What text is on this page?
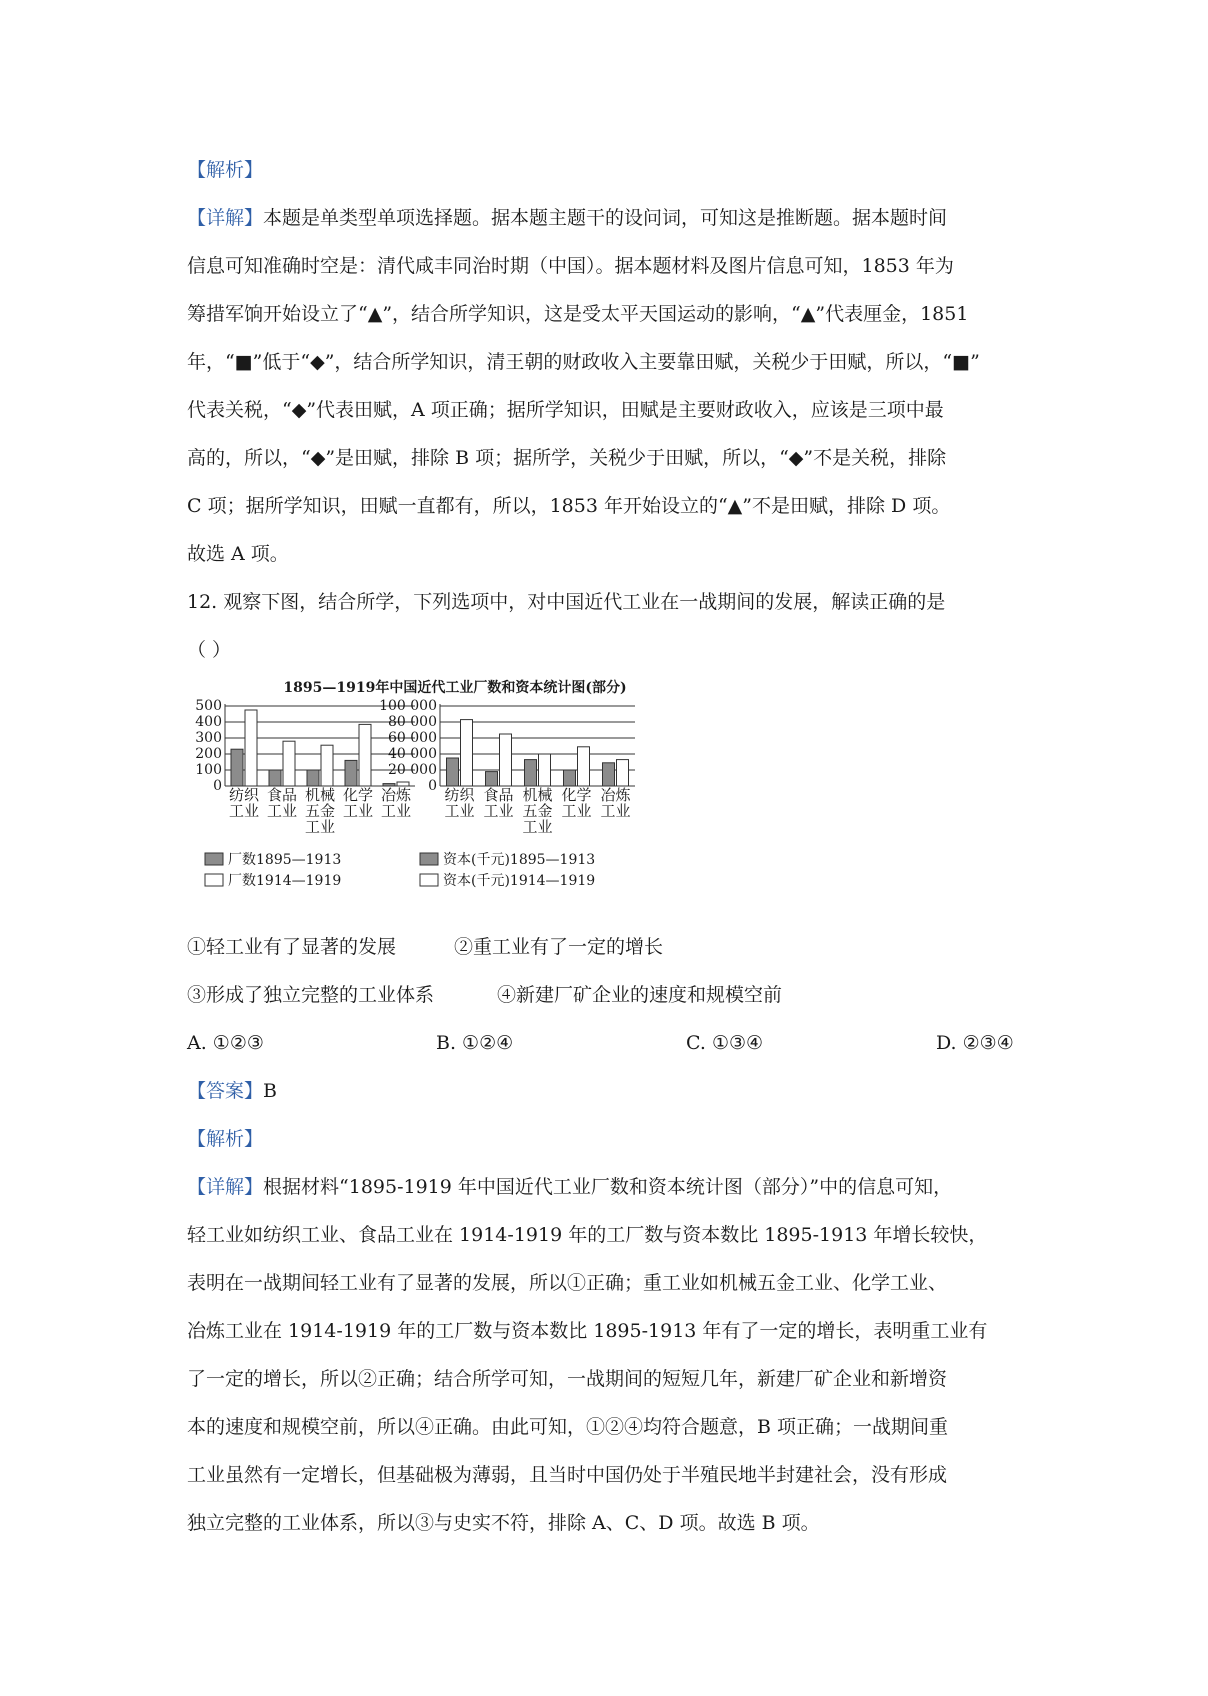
【解析】
【详解】本题是单类型单项选择题。据本题主题干的设问词，可知这是推断题。据本题时间
信息可知准确时空是：清代咸丰同治时期（中国）。据本题材料及图片信息可知，1853 年为
筹措军饷开始设立了“▲”，结合所学知识，这是受太平天国运动的影响，“▲”代表厘金，1851
年，“■”低于“◆”，结合所学知识，清王朝的财政收入主要靠田赋，关税少于田赋，所以，“■”
代表关税，“◆”代表田赋，A 项正确；据所学知识，田赋是主要财政收入，应该是三项中最
高的，所以，“◆”是田赋，排除 B 项；据所学，关税少于田赋，所以，“◆”不是关税，排除
C 项；据所学知识，田赋一直都有，所以，1853 年开始设立的“▲”不是田赋，排除 D 项。
故选 A 项。
12. 观察下图，结合所学，下列选项中，对中国近代工业在一战期间的发展，解读正确的是
（ ）
1895—1919年中国近代工业厂数和资本统计图(部分)
0
100
200
300
400
500
纺织
工业
食品
工业
机械
五金
工业
化学
工业
冶炼
工业
厂数1895—1913
厂数1914—1919
0
20 000
40 000
60 000
80 000
100 000
纺织
工业
食品
工业
机械
五金
工业
化学
工业
冶炼
工业
资本(千元)1895—1913
资本(千元)1914—1919
①轻工业有了显著的发展	②重工业有了一定的增长
③形成了独立完整的工业体系	④新建厂矿企业的速度和规模空前
A. ①②③	B. ①②④	C. ①③④	D. ②③④
【答案】B
【解析】
【详解】根据材料“1895-1919 年中国近代工业厂数和资本统计图（部分）”中的信息可知，
轻工业如纺织工业、食品工业在 1914-1919 年的工厂数与资本数比 1895-1913 年增长较快，
表明在一战期间轻工业有了显著的发展，所以①正确；重工业如机械五金工业、化学工业、
冶炼工业在 1914-1919 年的工厂数与资本数比 1895-1913 年有了一定的增长，表明重工业有
了一定的增长，所以②正确；结合所学可知，一战期间的短短几年，新建厂矿企业和新增资
本的速度和规模空前，所以④正确。由此可知，①②④均符合题意，B 项正确；一战期间重
工业虽然有一定增长，但基础极为薄弱，且当时中国仍处于半殖民地半封建社会，没有形成
独立完整的工业体系，所以③与史实不符，排除 A、C、D 项。故选 B 项。
